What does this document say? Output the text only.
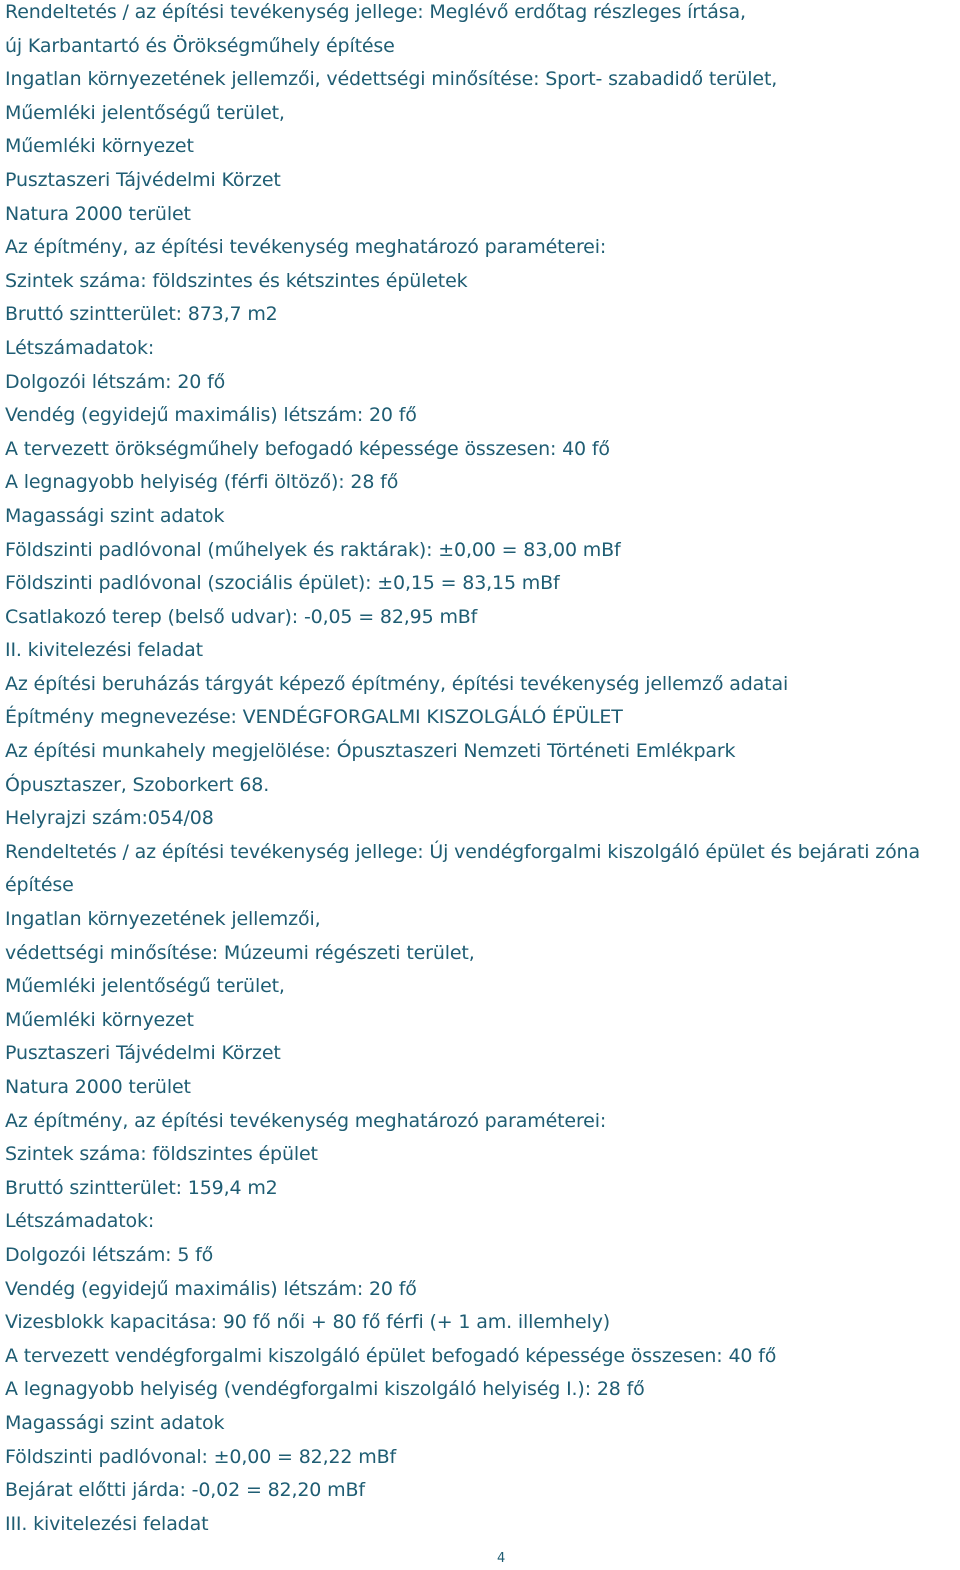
Rendeltetés / az építési tevékenység jellege: Meglévő erdőtag részleges írtása,
új Karbantartó és Örökségműhely építése
Ingatlan környezetének jellemzői, védettségi minősítése: Sport- szabadidő terület,
Műemléki jelentőségű terület,
Műemléki környezet
Pusztaszeri Tájvédelmi Körzet
Natura 2000 terület
Az építmény, az építési tevékenység meghatározó paraméterei:
Szintek száma: földszintes és kétszintes épületek
Bruttó szintterület: 873,7 m2
Létszámadatok:
Dolgozói létszám: 20 fő
Vendég (egyidejű maximális) létszám: 20 fő
A tervezett örökségműhely befogadó képessége összesen: 40 fő
A legnagyobb helyiség (férfi öltöző): 28 fő
Magassági szint adatok
Földszinti padlóvonal (műhelyek és raktárak): ±0,00 = 83,00 mBf
Földszinti padlóvonal (szociális épület): ±0,15 = 83,15 mBf
Csatlakozó terep (belső udvar): -0,05 = 82,95 mBf
II. kivitelezési feladat
Az építési beruházás tárgyát képező építmény, építési tevékenység jellemző adatai
Építmény megnevezése: VENDÉGFORGALMI KISZOLGÁLÓ ÉPÜLET
Az építési munkahely megjelölése: Ópusztaszeri Nemzeti Történeti Emlékpark
Ópusztaszer, Szoborkert 68.
Helyrajzi szám:054/08
Rendeltetés / az építési tevékenység jellege: Új vendégforgalmi kiszolgáló épület és bejárati zóna
építése
Ingatlan környezetének jellemzői,
védettségi minősítése: Múzeumi régészeti terület,
Műemléki jelentőségű terület,
Műemléki környezet
Pusztaszeri Tájvédelmi Körzet
Natura 2000 terület
Az építmény, az építési tevékenység meghatározó paraméterei:
Szintek száma: földszintes épület
Bruttó szintterület: 159,4 m2
Létszámadatok:
Dolgozói létszám: 5 fő
Vendég (egyidejű maximális) létszám: 20 fő
Vizesblokk kapacitása: 90 fő női + 80 fő férfi (+ 1 am. illemhely)
A tervezett vendégforgalmi kiszolgáló épület befogadó képessége összesen: 40 fő
A legnagyobb helyiség (vendégforgalmi kiszolgáló helyiség I.): 28 fő
Magassági szint adatok
Földszinti padlóvonal: ±0,00 = 82,22 mBf
Bejárat előtti járda: -0,02 = 82,20 mBf
III. kivitelezési feladat
4
